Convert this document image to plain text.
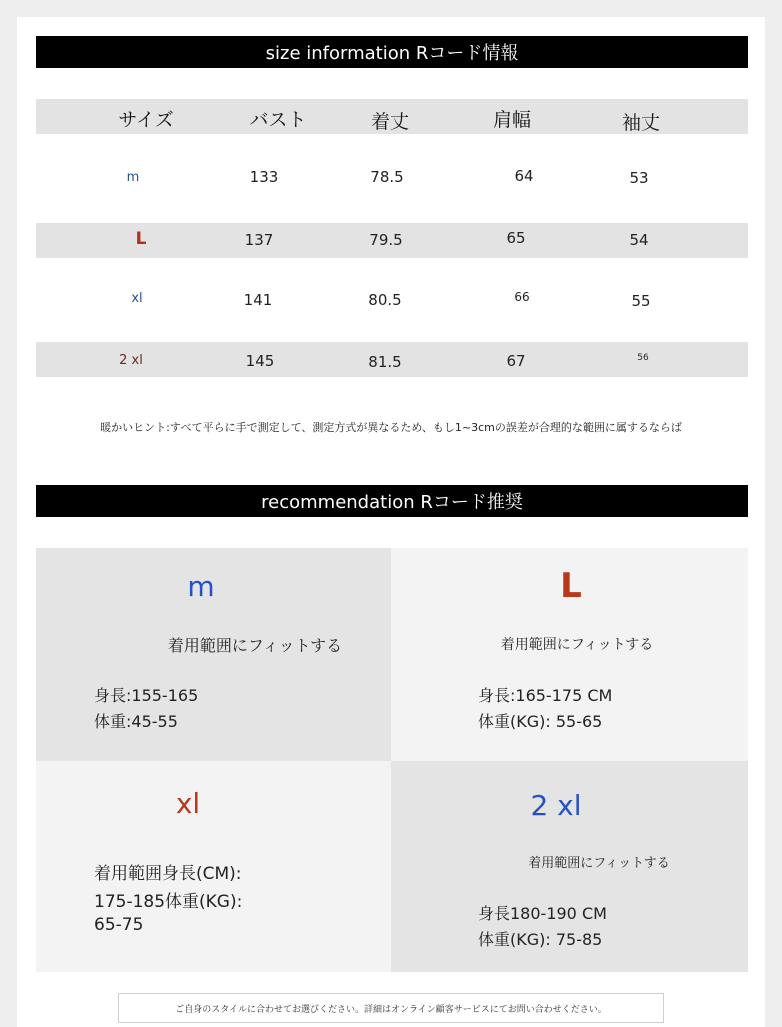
size information Rコード情報
サイズ	バスト	着丈	肩幅	袖丈
m	133	78.5	64	53
L	137	79.5	65	54
xl	141	80.5	66	55
2 xl	145	81.5	67	56
暖かいヒント:すべて平らに手で測定して、測定方式が異なるため、もし1~3cmの誤差が合理的な範囲に属するならば
recommendation Rコード推奨
m
着用範囲にフィットする
身長:155-165
体重:45-55
L
着用範囲にフィットする
身長:165-175 CM
体重(KG): 55-65
xl
着用範囲身長(CM):
175-185体重(KG):
65-75
2 xl
着用範囲にフィットする
身長180-190 CM
体重(KG): 75-85
ご自身のスタイルに合わせてお選びください。詳細はオンライン顧客サービスにてお問い合わせください。
